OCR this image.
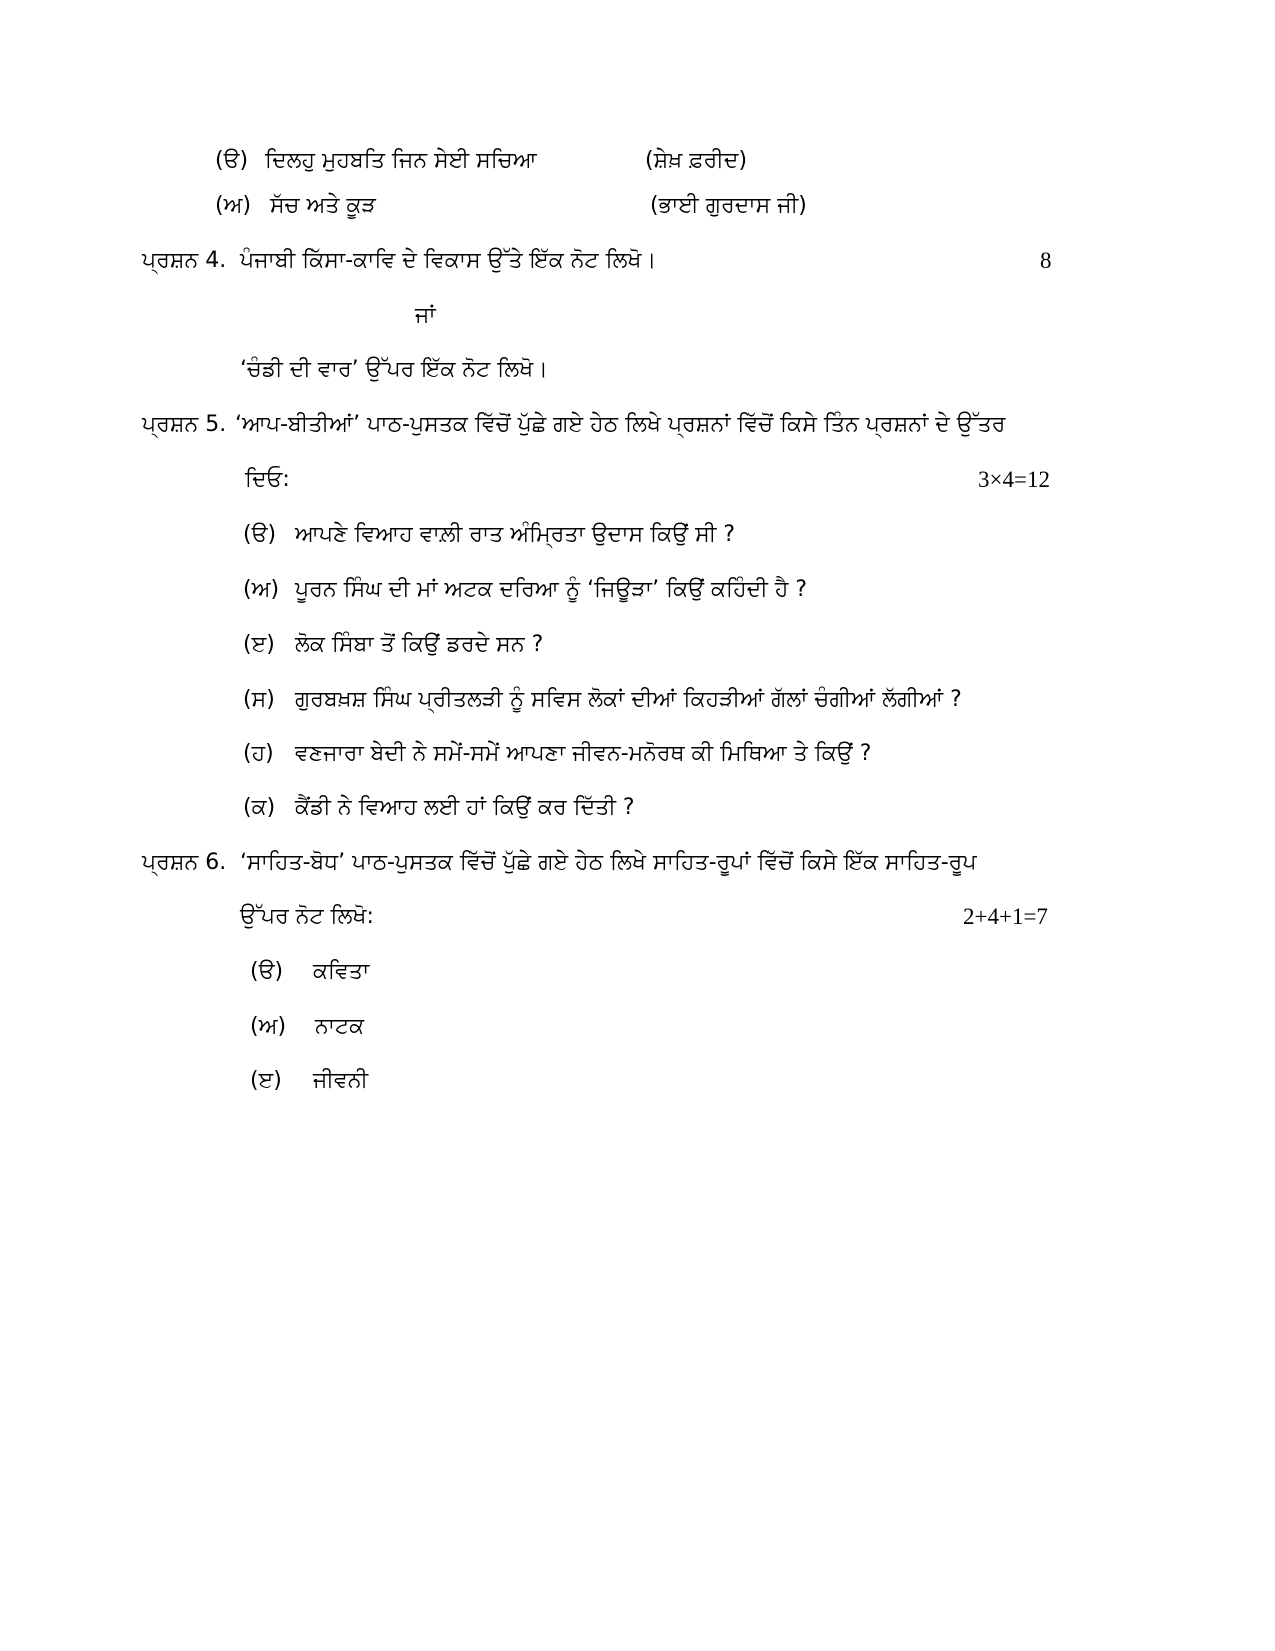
(ੳ) ਦਿਲਹੁ ਮੁਹਬਤਿ ਜਿਨ ਸੇਈ ਸਚਿਆ	(ਸ਼ੇਖ਼ ਫ਼ਰੀਦ)
(ਅ) ਸੱਚ ਅਤੇ ਕੂੜ	(ਭਾਈ ਗੁਰਦਾਸ ਜੀ)
ਪ੍ਰਸ਼ਨ 4. ਪੰਜਾਬੀ ਕਿੱਸਾ-ਕਾਵਿ ਦੇ ਵਿਕਾਸ ਉੱਤੇ ਇੱਕ ਨੋਟ ਲਿਖੋ।	8
ਜਾਂ
‘ਚੰਡੀ ਦੀ ਵਾਰ’ ਉੱਪਰ ਇੱਕ ਨੋਟ ਲਿਖੋ।
ਪ੍ਰਸ਼ਨ 5. ‘ਆਪ-ਬੀਤੀਆਂ’ ਪਾਠ-ਪੁਸਤਕ ਵਿੱਚੋਂ ਪੁੱਛੇ ਗਏ ਹੇਠ ਲਿਖੇ ਪ੍ਰਸ਼ਨਾਂ ਵਿੱਚੋਂ ਕਿਸੇ ਤਿੰਨ ਪ੍ਰਸ਼ਨਾਂ ਦੇ ਉੱਤਰ
ਦਿਓ:	3×4=12
(ੳ) ਆਪਣੇ ਵਿਆਹ ਵਾਲ਼ੀ ਰਾਤ ਅੰਮ੍ਰਿਤਾ ਉਦਾਸ ਕਿਉਂ ਸੀ ?
(ਅ) ਪੂਰਨ ਸਿੰਘ ਦੀ ਮਾਂ ਅਟਕ ਦਰਿਆ ਨੂੰ ‘ਜਿਊੜਾ’ ਕਿਉਂ ਕਹਿੰਦੀ ਹੈ ?
(ੲ) ਲੋਕ ਸਿੰਬਾ ਤੋਂ ਕਿਉਂ ਡਰਦੇ ਸਨ ?
(ਸ) ਗੁਰਬਖ਼ਸ਼ ਸਿੰਘ ਪ੍ਰੀਤਲੜੀ ਨੂੰ ਸਵਿਸ ਲੋਕਾਂ ਦੀਆਂ ਕਿਹੜੀਆਂ ਗੱਲਾਂ ਚੰਗੀਆਂ ਲੱਗੀਆਂ ?
(ਹ) ਵਣਜਾਰਾ ਬੇਦੀ ਨੇ ਸਮੇਂ-ਸਮੇਂ ਆਪਣਾ ਜੀਵਨ-ਮਨੋਰਥ ਕੀ ਮਿਥਿਆ ਤੇ ਕਿਉਂ ?
(ਕ) ਕੈਂਡੀ ਨੇ ਵਿਆਹ ਲਈ ਹਾਂ ਕਿਉਂ ਕਰ ਦਿੱਤੀ ?
ਪ੍ਰਸ਼ਨ 6. ‘ਸਾਹਿਤ-ਬੋਧ’ ਪਾਠ-ਪੁਸਤਕ ਵਿੱਚੋਂ ਪੁੱਛੇ ਗਏ ਹੇਠ ਲਿਖੇ ਸਾਹਿਤ-ਰੂਪਾਂ ਵਿੱਚੋਂ ਕਿਸੇ ਇੱਕ ਸਾਹਿਤ-ਰੂਪ
ਉੱਪਰ ਨੋਟ ਲਿਖੋ:	2+4+1=7
(ੳ) ਕਵਿਤਾ
(ਅ) ਨਾਟਕ
(ੲ) ਜੀਵਨੀ
